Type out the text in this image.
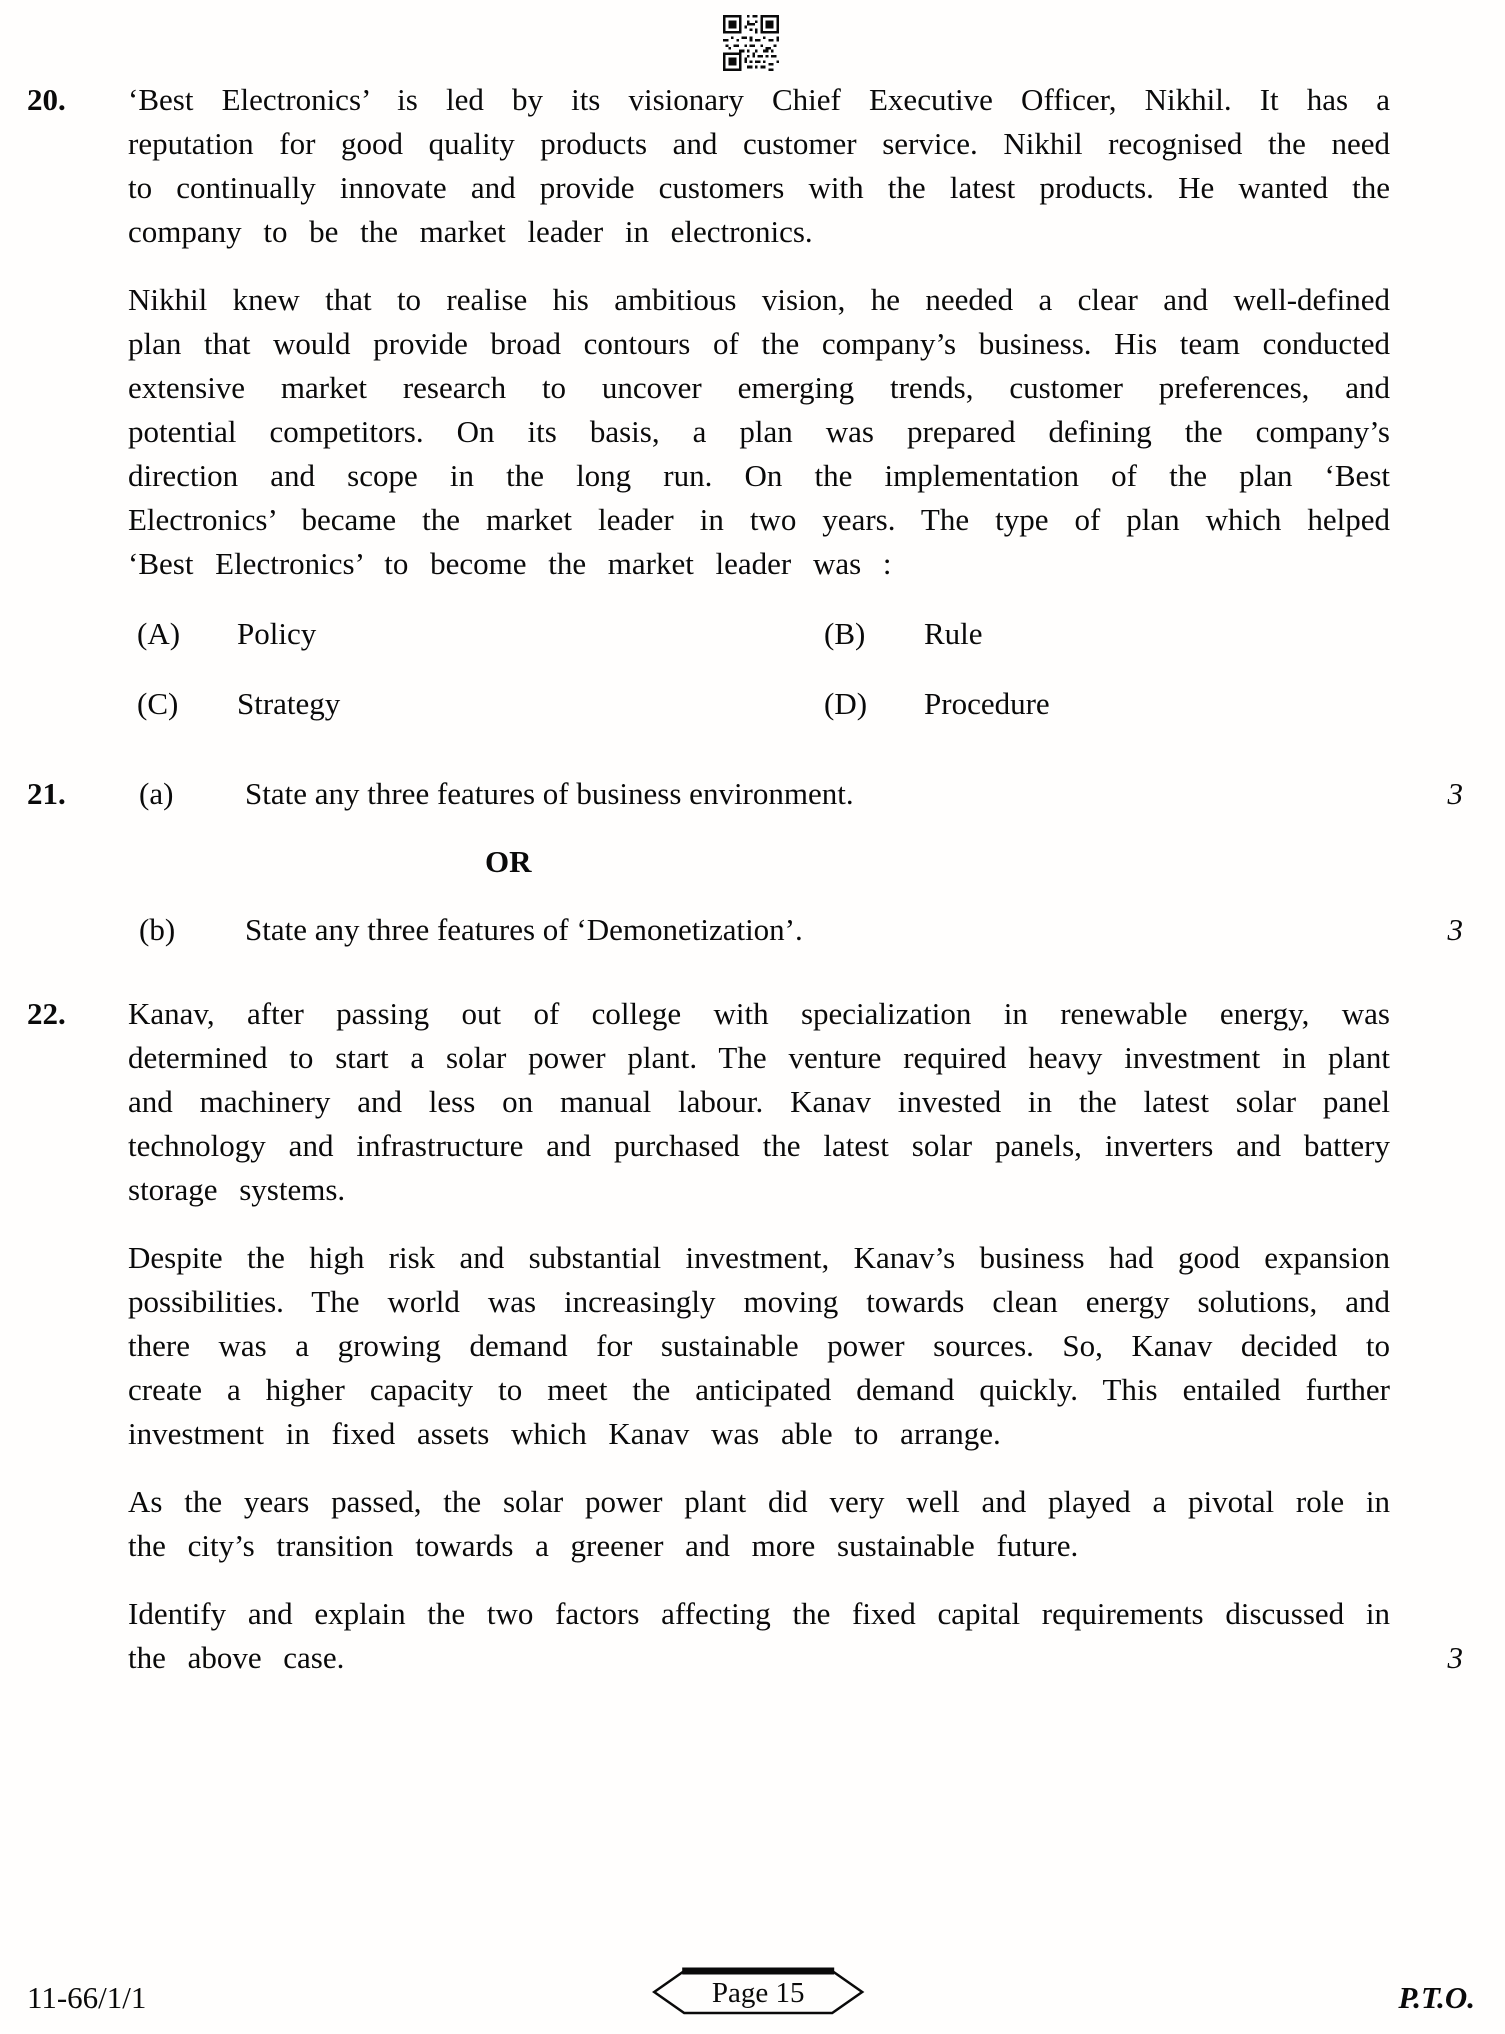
20.	‘Best Electronics’ is led by its visionary Chief Executive Officer, Nikhil. It has a reputation for good quality products and customer service. Nikhil recognised the need to continually innovate and provide customers with the latest products. He wanted the company to be the market leader in electronics.

Nikhil knew that to realise his ambitious vision, he needed a clear and well-defined plan that would provide broad contours of the company’s business. His team conducted extensive market research to uncover emerging trends, customer preferences, and potential competitors. On its basis, a plan was prepared defining the company’s direction and scope in the long run. On the implementation of the plan ‘Best Electronics’ became the market leader in two years. The type of plan which helped ‘Best Electronics’ to become the market leader was :

(A)	Policy	(B)	Rule
(C)	Strategy	(D)	Procedure
21.	(a)	State any three features of business environment.	3
OR
(b)	State any three features of ‘Demonetization’.	3
22.	Kanav, after passing out of college with specialization in renewable energy, was determined to start a solar power plant. The venture required heavy investment in plant and machinery and less on manual labour. Kanav invested in the latest solar panel technology and infrastructure and purchased the latest solar panels, inverters and battery storage systems.

Despite the high risk and substantial investment, Kanav’s business had good expansion possibilities. The world was increasingly moving towards clean energy solutions, and there was a growing demand for sustainable power sources. So, Kanav decided to create a higher capacity to meet the anticipated demand quickly. This entailed further investment in fixed assets which Kanav was able to arrange.

As the years passed, the solar power plant did very well and played a pivotal role in the city’s transition towards a greener and more sustainable future.

Identify and explain the two factors affecting the fixed capital requirements discussed in the above case.	3
11-66/1/1	Page 15	P.T.O.
